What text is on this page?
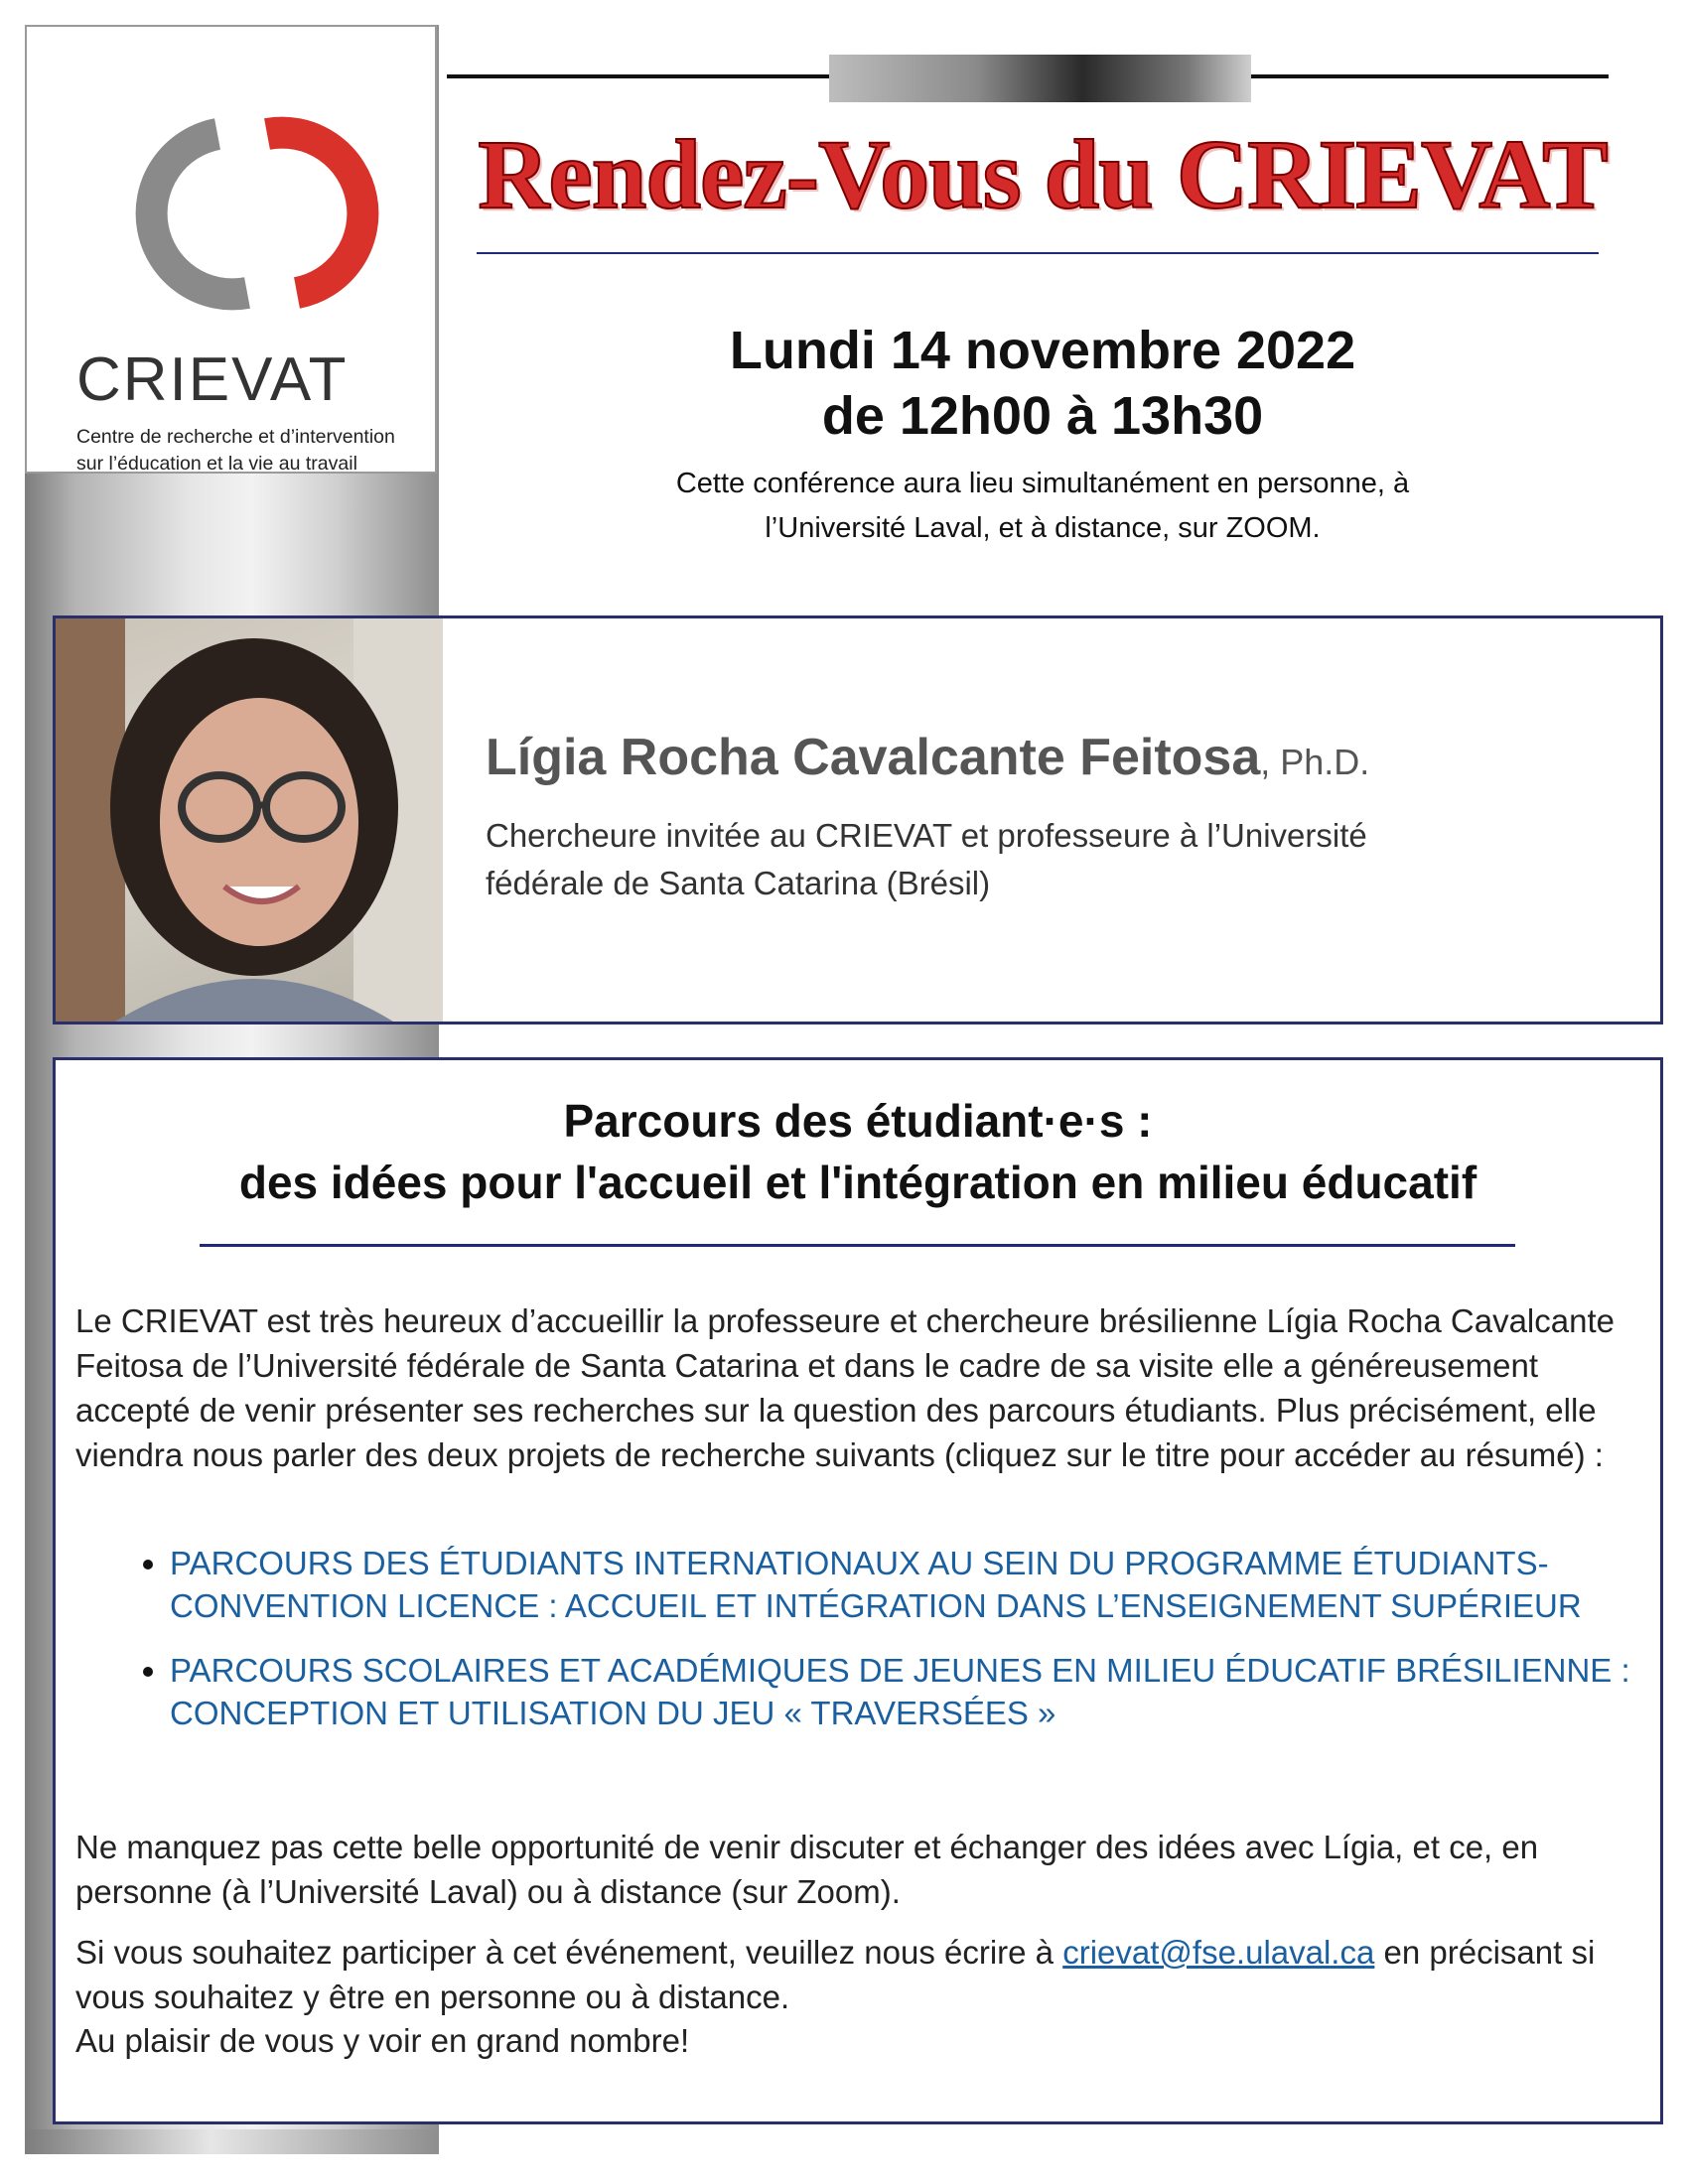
CRIEVAT
Centre de recherche et d’intervention
sur l’éducation et la vie au travail
Rendez-Vous du CRIEVAT
Lundi 14 novembre 2022
de 12h00 à 13h30
Cette conférence aura lieu simultanément en personne, à
l’Université Laval, et à distance, sur ZOOM.
Lígia Rocha Cavalcante Feitosa, Ph.D.
Chercheure invitée au CRIEVAT et professeure à l’Université
fédérale de Santa Catarina (Brésil)
Parcours des étudiant·e·s :
des idées pour l'accueil et l'intégration en milieu éducatif
Le CRIEVAT est très heureux d’accueillir la professeure et chercheure brésilienne Lígia Rocha Cavalcante Feitosa de l’Université fédérale de Santa Catarina et dans le cadre de sa visite elle a généreusement accepté de venir présenter ses recherches sur la question des parcours étudiants. Plus précisément, elle viendra nous parler des deux projets de recherche suivants (cliquez sur le titre pour accéder au résumé) :
• PARCOURS DES ÉTUDIANTS INTERNATIONAUX AU SEIN DU PROGRAMME ÉTUDIANTS-CONVENTION LICENCE : ACCUEIL ET INTÉGRATION DANS L’ENSEIGNEMENT SUPÉRIEUR
• PARCOURS SCOLAIRES ET ACADÉMIQUES DE JEUNES EN MILIEU ÉDUCATIF BRÉSILIENNE : CONCEPTION ET UTILISATION DU JEU « TRAVERSÉES »
Ne manquez pas cette belle opportunité de venir discuter et échanger des idées avec Lígia, et ce, en personne (à l’Université Laval) ou à distance (sur Zoom).
Si vous souhaitez participer à cet événement, veuillez nous écrire à crievat@fse.ulaval.ca en précisant si vous souhaitez y être en personne ou à distance.
Au plaisir de vous y voir en grand nombre!
